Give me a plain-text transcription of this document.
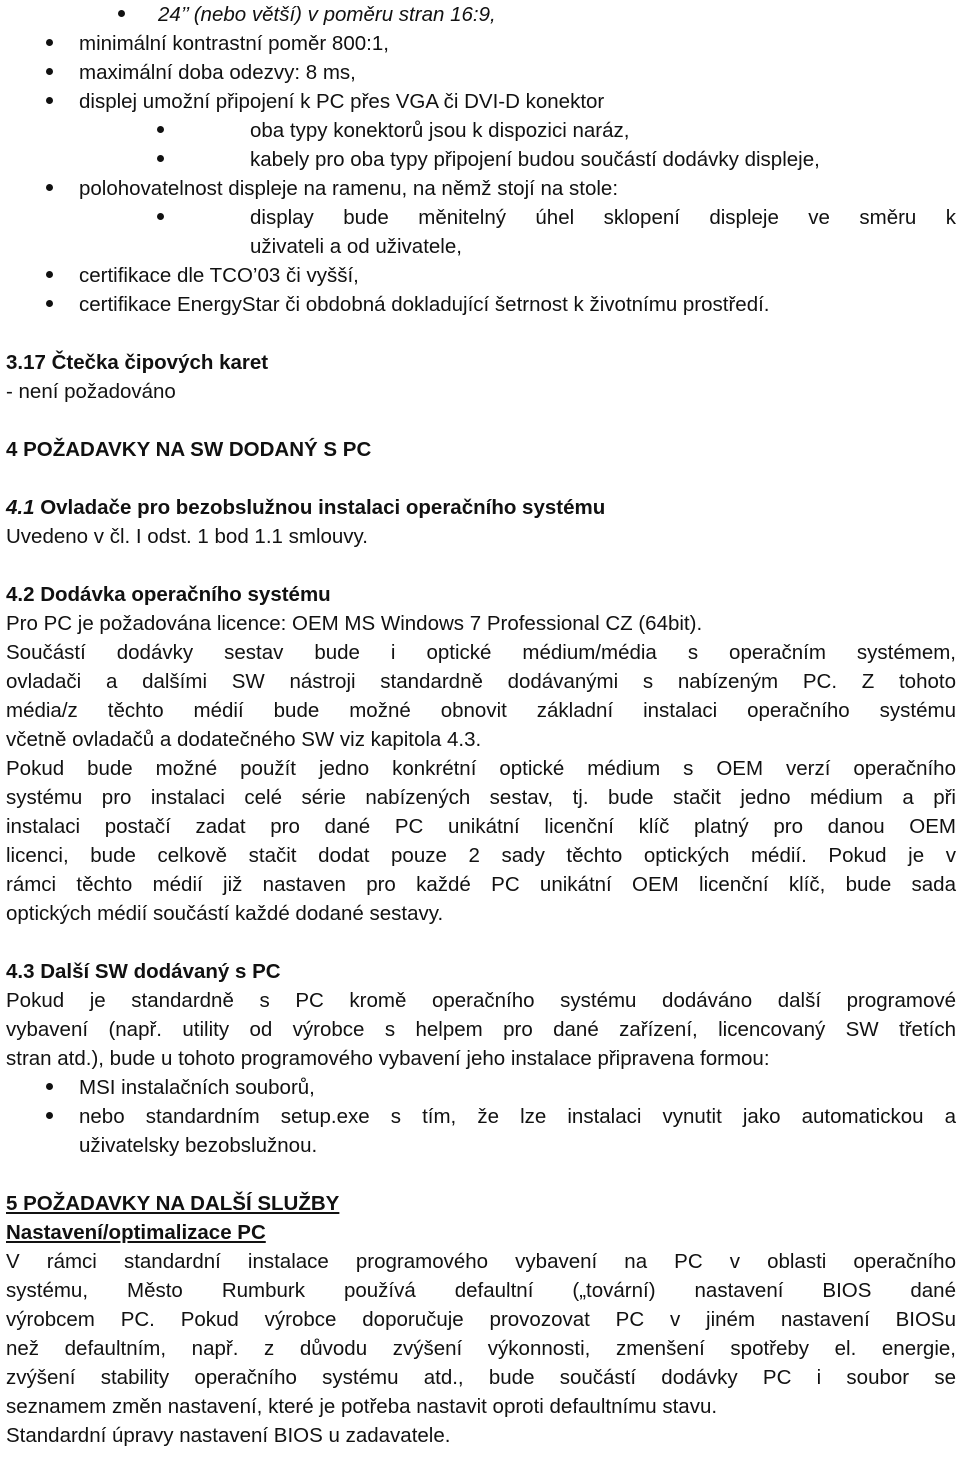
24’’ (nebo větší) v poměru stran 16:9,
minimální kontrastní poměr 800:1,
maximální doba odezvy: 8 ms,
displej umožní připojení k PC přes VGA či DVI-D konektor
oba typy konektorů jsou k dispozici naráz,
kabely pro oba typy připojení budou součástí dodávky displeje,
polohovatelnost displeje na ramenu, na němž stojí na stole:
display bude měnitelný úhel sklopení displeje ve směru k
uživateli a od uživatele,
certifikace dle TCO’03 či vyšší,
certifikace EnergyStar či obdobná dokladující šetrnost k životnímu prostředí.
3.17 Čtečka čipových karet
- není požadováno
4 POŽADAVKY NA SW DODANÝ S PC
4.1 Ovladače pro bezobslužnou instalaci operačního systému
Uvedeno v čl. I odst. 1 bod 1.1 smlouvy.
4.2 Dodávka operačního systému
Pro PC je požadována licence: OEM MS Windows 7 Professional CZ (64bit).
Součástí dodávky sestav bude i optické médium/média s operačním systémem,
ovladači a dalšími SW nástroji standardně dodávanými s nabízeným PC. Z tohoto
média/z těchto médií bude možné obnovit základní instalaci operačního systému
včetně ovladačů a dodatečného SW viz kapitola 4.3.
Pokud bude možné použít jedno konkrétní optické médium s OEM verzí operačního
systému pro instalaci celé série nabízených sestav, tj. bude stačit jedno médium a při
instalaci postačí zadat pro dané PC unikátní licenční klíč platný pro danou OEM
licenci, bude celkově stačit dodat pouze 2 sady těchto optických médií. Pokud je v
rámci těchto médií již nastaven pro každé PC unikátní OEM licenční klíč, bude sada
optických médií součástí každé dodané sestavy.
4.3 Další SW dodávaný s PC
Pokud je standardně s PC kromě operačního systému dodáváno další programové
vybavení (např. utility od výrobce s helpem pro dané zařízení, licencovaný SW třetích
stran atd.), bude u tohoto programového vybavení jeho instalace připravena formou:
MSI instalačních souborů,
nebo standardním setup.exe s tím, že lze instalaci vynutit jako automatickou a
uživatelsky bezobslužnou.
5 POŽADAVKY NA DALŠÍ SLUŽBY
Nastavení/optimalizace PC
V rámci standardní instalace programového vybavení na PC v oblasti operačního
systému, Město Rumburk používá defaultní („tovární) nastavení BIOS dané
výrobcem PC. Pokud výrobce doporučuje provozovat PC v jiném nastavení BIOSu
než defaultním, např. z důvodu zvýšení výkonnosti, zmenšení spotřeby el. energie,
zvýšení stability operačního systému atd., bude součástí dodávky PC i soubor se
seznamem změn nastavení, které je potřeba nastavit oproti defaultnímu stavu.
Standardní úpravy nastavení BIOS u zadavatele.
